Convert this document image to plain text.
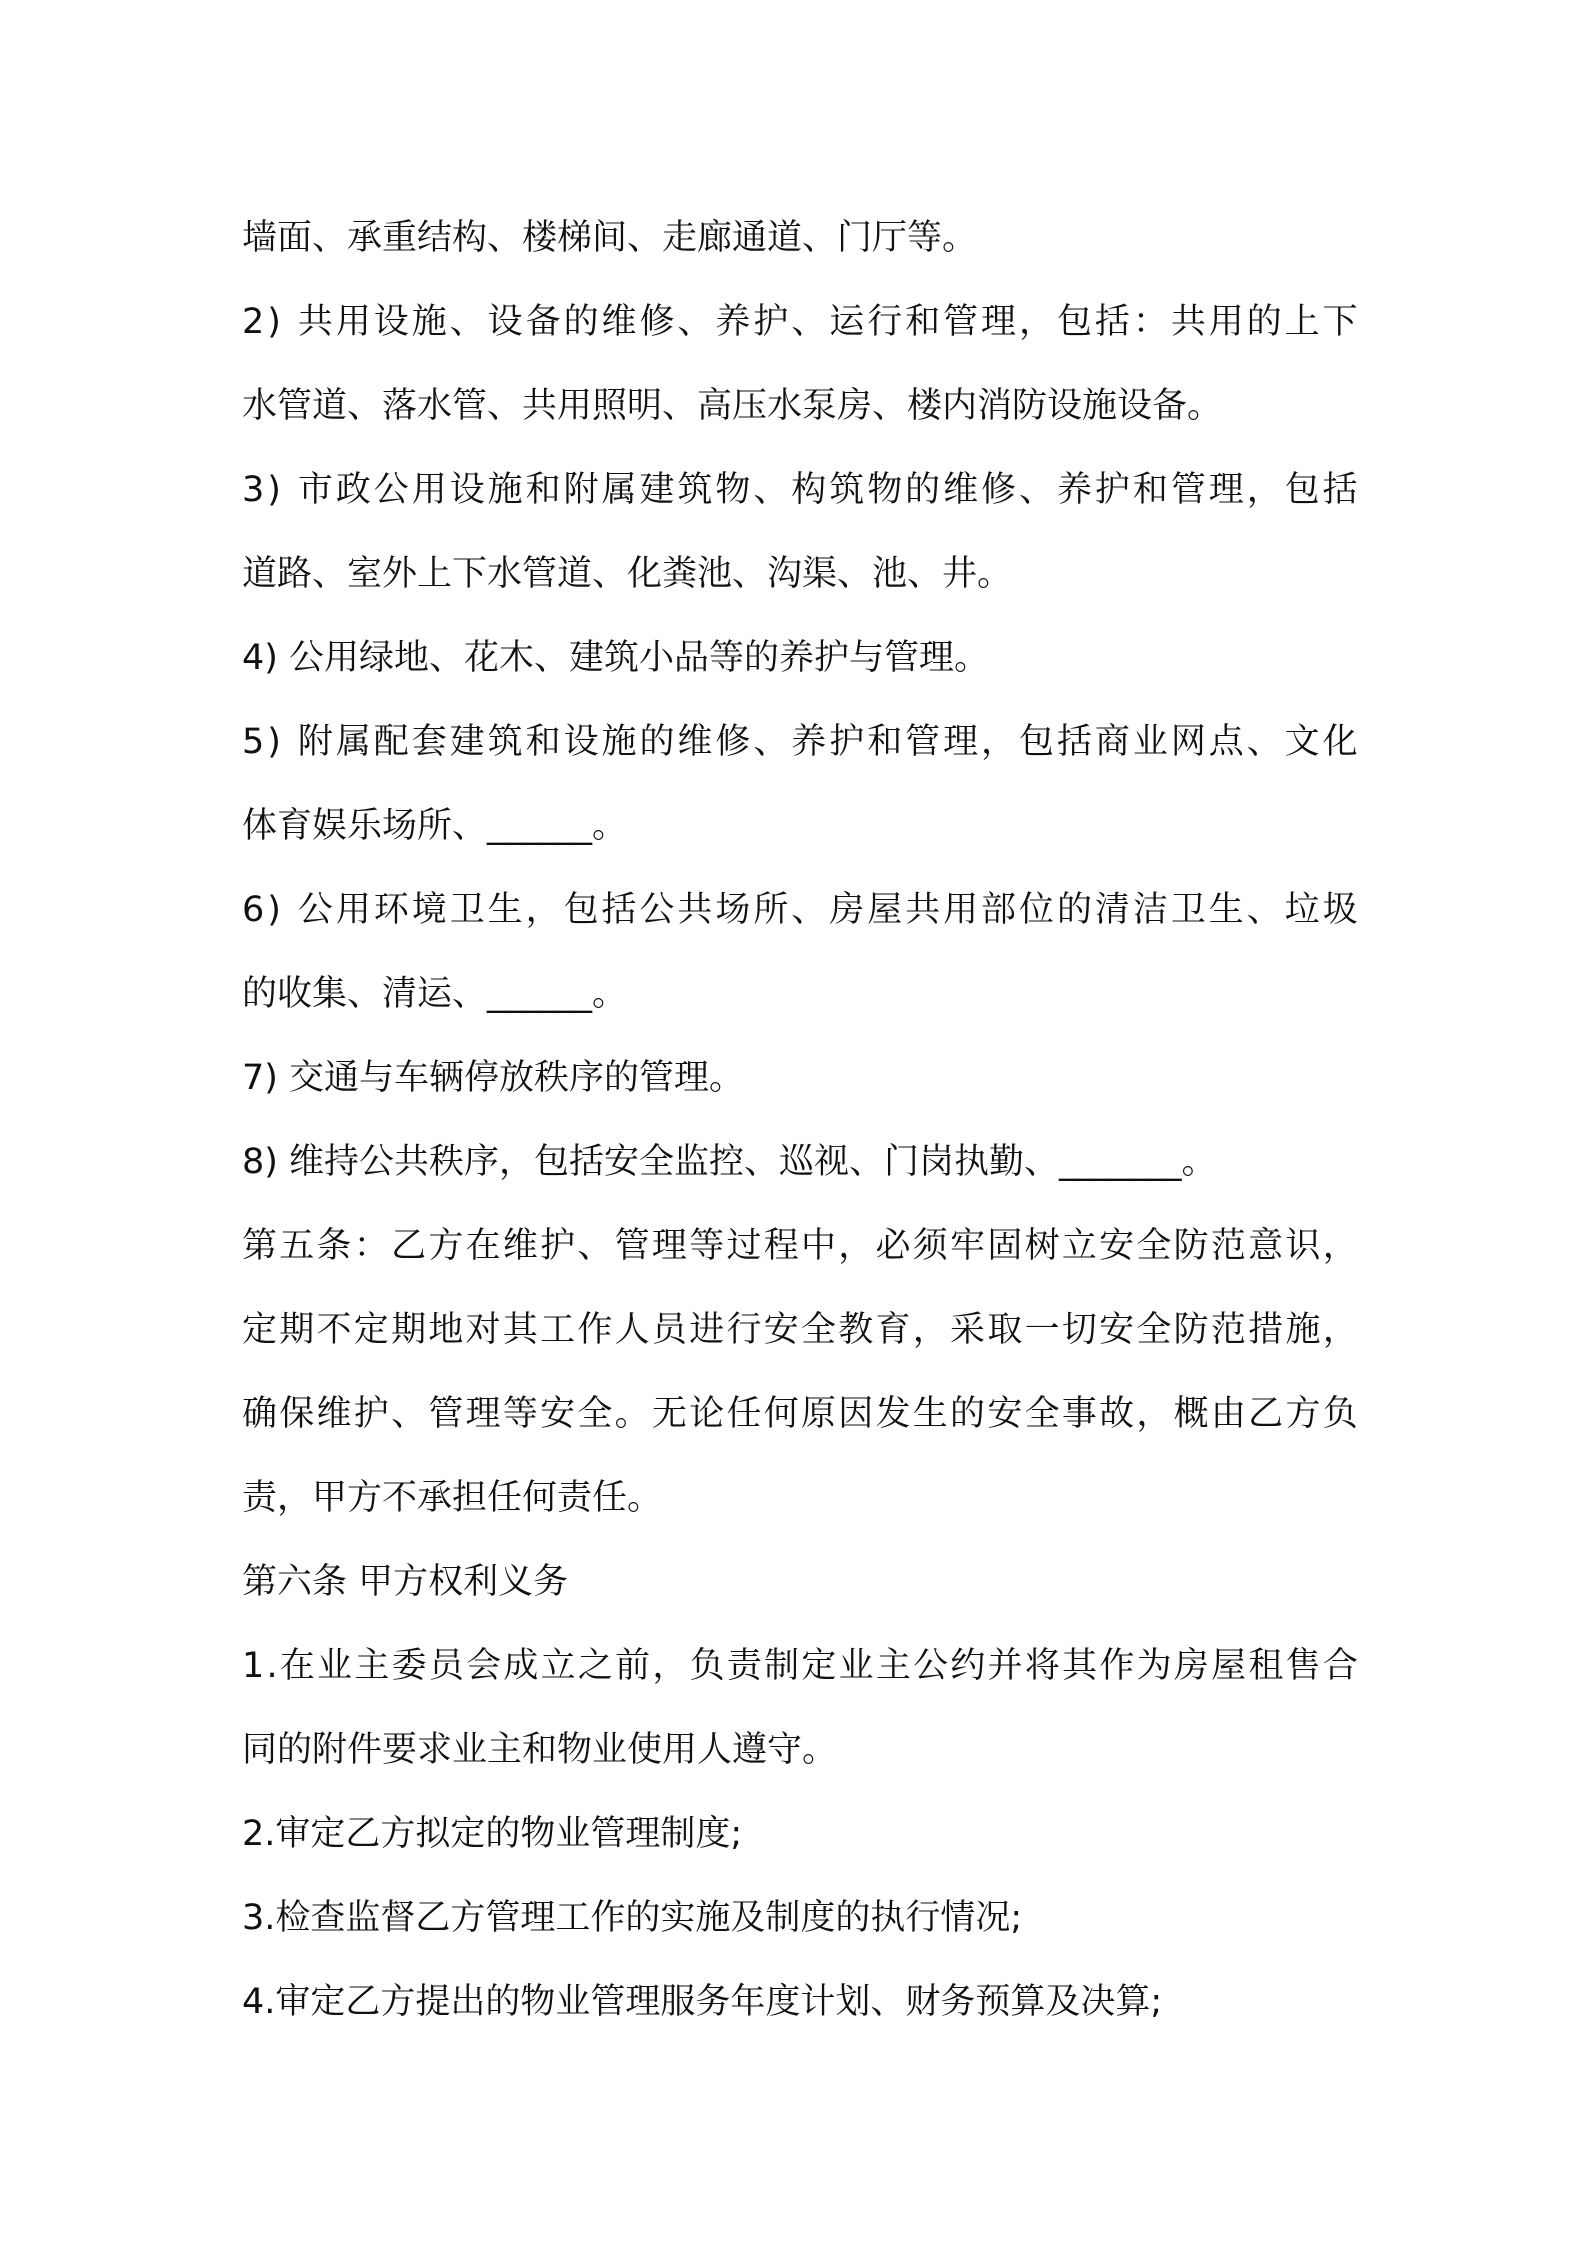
墙面、承重结构、楼梯间、走廊通道、门厅等。
2 )
共 用 设 施 、 设 备 的 维 修 、 养 护 、 运 行 和 管 理 ， 包 括 ： 共 用 的 上 下
水管道、落水管、共用照明、高压水泵房、楼内消防设施设备。
3 )
市 政 公 用 设 施 和 附 属 建 筑 物 、 构 筑 物 的 维 修 、 养 护 和 管 理 ， 包 括
道路、室外上下水管道、化粪池、沟渠、池、井。
4) 公用绿地、花木、建筑小品等的养护与管理。
5 )
附 属 配 套 建 筑 和 设 施 的 维 修 、 养 护 和 管 理 ， 包 括 商 业 网 点 、 文 化
体育娱乐场所、______。
6 )
公 用 环 境 卫 生 ， 包 括 公 共 场 所 、 房 屋 共 用 部 位 的 清 洁 卫 生 、 垃 圾
的收集、清运、______。
7) 交通与车辆停放秩序的管理。
8) 维持公共秩序，包括安全监控、巡视、门岗执勤、_______。
第 五 条 ： 乙 方 在 维 护 、 管 理 等 过 程 中 ， 必 须 牢 固 树 立 安 全 防 范 意 识 ，
定 期 不 定 期 地 对 其 工 作 人 员 进 行 安 全 教 育 ， 采 取 一 切 安 全 防 范 措 施 ，
确 保 维 护 、 管 理 等 安 全 。 无 论 任 何 原 因 发 生 的 安 全 事 故 ， 概 由 乙 方 负
责，甲方不承担任何责任。
第六条 甲方权利义务
1 . 在 业 主 委 员 会 成 立 之 前 ， 负 责 制 定 业 主 公 约 并 将 其 作 为 房 屋 租 售 合
同的附件要求业主和物业使用人遵守。
2.审定乙方拟定的物业管理制度;
3.检查监督乙方管理工作的实施及制度的执行情况;
4.审定乙方提出的物业管理服务年度计划、财务预算及决算;
